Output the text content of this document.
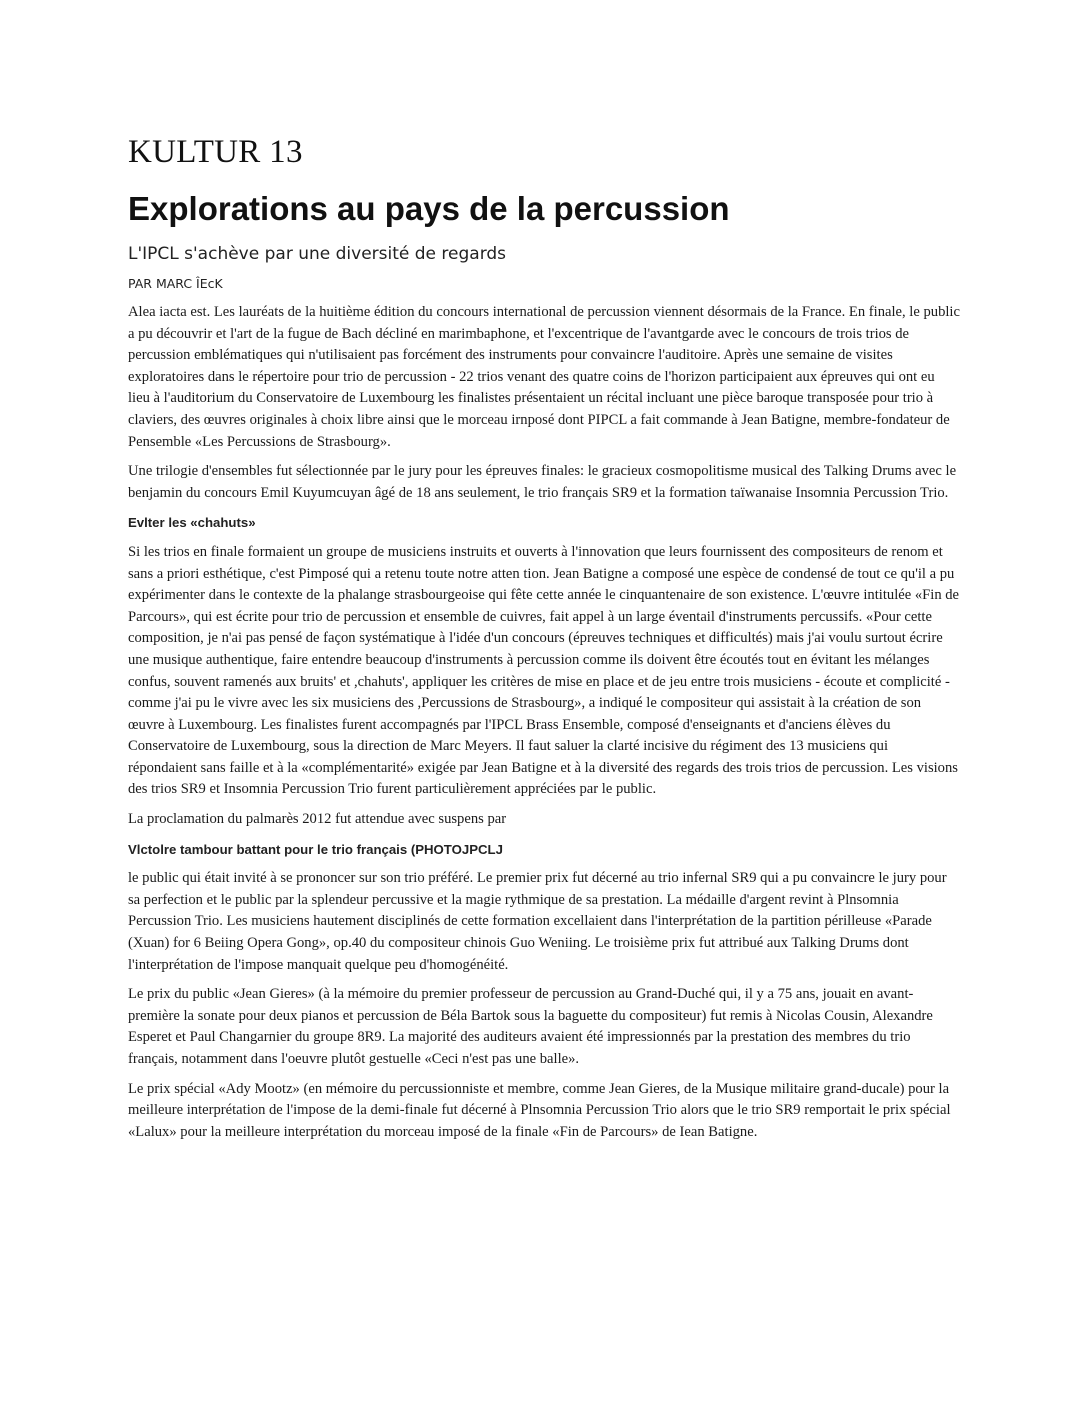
KULTUR 13
Explorations au pays de la percussion
L'IPCL s'achève par une diversité de regards
PAR MARC ÎEcK

Alea iacta est. Les lauréats de la huitième édition du concours international de percussion viennent désormais de la France. En finale, le public a pu découvrir et l'art de la fugue de Bach décliné en marimbaphone, et l'excentrique de l'avantgarde avec le concours de trois trios de percussion emblématiques qui n'utilisaient pas forcément des instruments pour convaincre l'auditoire. Après une semaine de visites exploratoires dans le répertoire pour trio de percussion - 22 trios venant des quatre coins de l'horizon participaient aux épreuves qui ont eu lieu à l'auditorium du Conservatoire de Luxembourg les finalistes présentaient un récital incluant une pièce baroque transposée pour trio à claviers, des œuvres originales à choix libre ainsi que le morceau irnposé dont PIPCL a fait commande à Jean Batigne, membre-fondateur de Pensemble «Les Percussions de Strasbourg».

Une trilogie d'ensembles fut sélectionnée par le jury pour les épreuves finales: le gracieux cosmopolitisme musical des Talking Drums avec le benjamin du concours Emil Kuyumcuyan âgé de 18 ans seulement, le trio français SR9 et la formation taïwanaise Insomnia Percussion Trio.

Evlter les «chahuts»

Si les trios en finale formaient un groupe de musiciens instruits et ouverts à l'innovation que leurs fournissent des compositeurs de renom et sans a priori esthétique, c'est Pimposé qui a retenu toute notre atten tion. Jean Batigne a composé une espèce de condensé de tout ce qu'il a pu expérimenter dans le contexte de la phalange strasbourgeoise qui fête cette année le cinquantenaire de son existence. L'œuvre intitulée «Fin de Parcours», qui est écrite pour trio de percussion et ensemble de cuivres, fait appel à un large éventail d'instruments percussifs. «Pour cette composition, je n'ai pas pensé de façon systématique à l'idée d'un concours (épreuves techniques et difficultés) mais j'ai voulu surtout écrire une musique authentique, faire entendre beaucoup d'instruments à percussion comme ils doivent être écoutés tout en évitant les mélanges confus, souvent ramenés aux bruits' et ,chahuts', appliquer les critères de mise en place et de jeu entre trois musiciens - écoute et complicité - comme j'ai pu le vivre avec les six musiciens des ,Percussions de Strasbourg», a indiqué le compositeur qui assistait à la création de son œuvre à Luxembourg. Les finalistes furent accompagnés par l'IPCL Brass Ensemble, composé d'enseignants et d'anciens élèves du Conservatoire de Luxembourg, sous la direction de Marc Meyers. Il faut saluer la clarté incisive du régiment des 13 musiciens qui répondaient sans faille et à la «complémentarité» exigée par Jean Batigne et à la diversité des regards des trois trios de percussion. Les visions des trios SR9 et Insomnia Percussion Trio furent particulièrement appréciées par le public.

La proclamation du palmarès 2012 fut attendue avec suspens par

Vlctolre tambour battant pour le trio français (PHOTOJPCLJ

le public qui était invité à se prononcer sur son trio préféré. Le premier prix fut décerné au trio infernal SR9 qui a pu convaincre le jury pour sa perfection et le public par la splendeur percussive et la magie rythmique de sa prestation. La médaille d'argent revint à Plnsomnia Percussion Trio. Les musiciens hautement disciplinés de cette formation excellaient dans l'interprétation de la partition périlleuse «Parade (Xuan) for 6 Beiing Opera Gong», op.40 du compositeur chinois Guo Weniing. Le troisième prix fut attribué aux Talking Drums dont l'interprétation de l'impose manquait quelque peu d'homogénéité.

Le prix du public «Jean Gieres» (à la mémoire du premier professeur de percussion au Grand-Duché qui, il y a 75 ans, jouait en avant-première la sonate pour deux pianos et percussion de Béla Bartok sous la baguette du compositeur) fut remis à Nicolas Cousin, Alexandre Esperet et Paul Changarnier du groupe 8R9. La majorité des auditeurs avaient été impressionnés par la prestation des membres du trio français, notamment dans l'oeuvre plutôt gestuelle «Ceci n'est pas une balle».

Le prix spécial «Ady Mootz» (en mémoire du percussionniste et membre, comme Jean Gieres, de la Musique militaire grand-ducale) pour la meilleure interprétation de l'impose de la demi-finale fut décerné à Plnsomnia Percussion Trio alors que le trio SR9 remportait le prix spécial «Lalux» pour la meilleure interprétation du morceau imposé de la finale «Fin de Parcours» de Iean Batigne.
